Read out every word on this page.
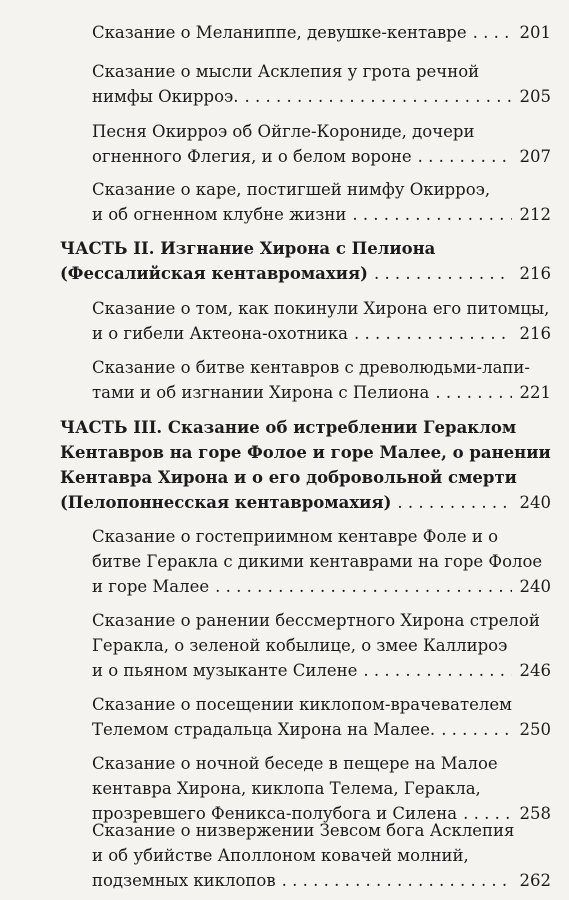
Сказание о Меланиппе, девушке-кентавре . . .	201
Сказание о мысли Асклепия у грота речной
нимфы Окирроэ. . . .	205
Песня Окирроэ об Ойгле-Корониде, дочери
огненного Флегия, и о белом вороне . . .	207
Сказание о каре, постигшей нимфу Окирроэ,
и об огненном клубне жизни . . .	212
ЧАСТЬ II. Изгнание Хирона с Пелиона
(Фессалийская кентавромахия) . . .	216
Сказание о том, как покинули Хирона его питомцы,
и о гибели Актеона-охотника . . .	216
Сказание о битве кентавров с древолюдьми-лапи-
тами и об изгнании Хирона с Пелиона . . .	221
ЧАСТЬ III. Сказание об истреблении Гераклом
Кентавров на горе Фолое и горе Малее, о ранении
Кентавра Хирона и о его добровольной смерти
(Пелопоннесская кентавромахия) . . .	240
Сказание о гостеприимном кентавре Фоле и о
битве Геракла с дикими кентаврами на горе Фолое
и горе Малее . . .	240
Сказание о ранении бессмертного Хирона стрелой
Геракла, о зеленой кобылице, о змее Каллироэ
и о пьяном музыканте Силене . . .	246
Сказание о посещении киклопом-врачевателем
Телемом страдальца Хирона на Малее. . . .	250
Сказание о ночной беседе в пещере на Малое
кентавра Хирона, киклопа Телема, Геракла,
прозревшего Феникса-полубога и Силена . . .	258
Сказание о низвержении Зевсом бога Асклепия
и об убийстве Аполлоном ковачей молний,
подземных киклопов . . .	262
